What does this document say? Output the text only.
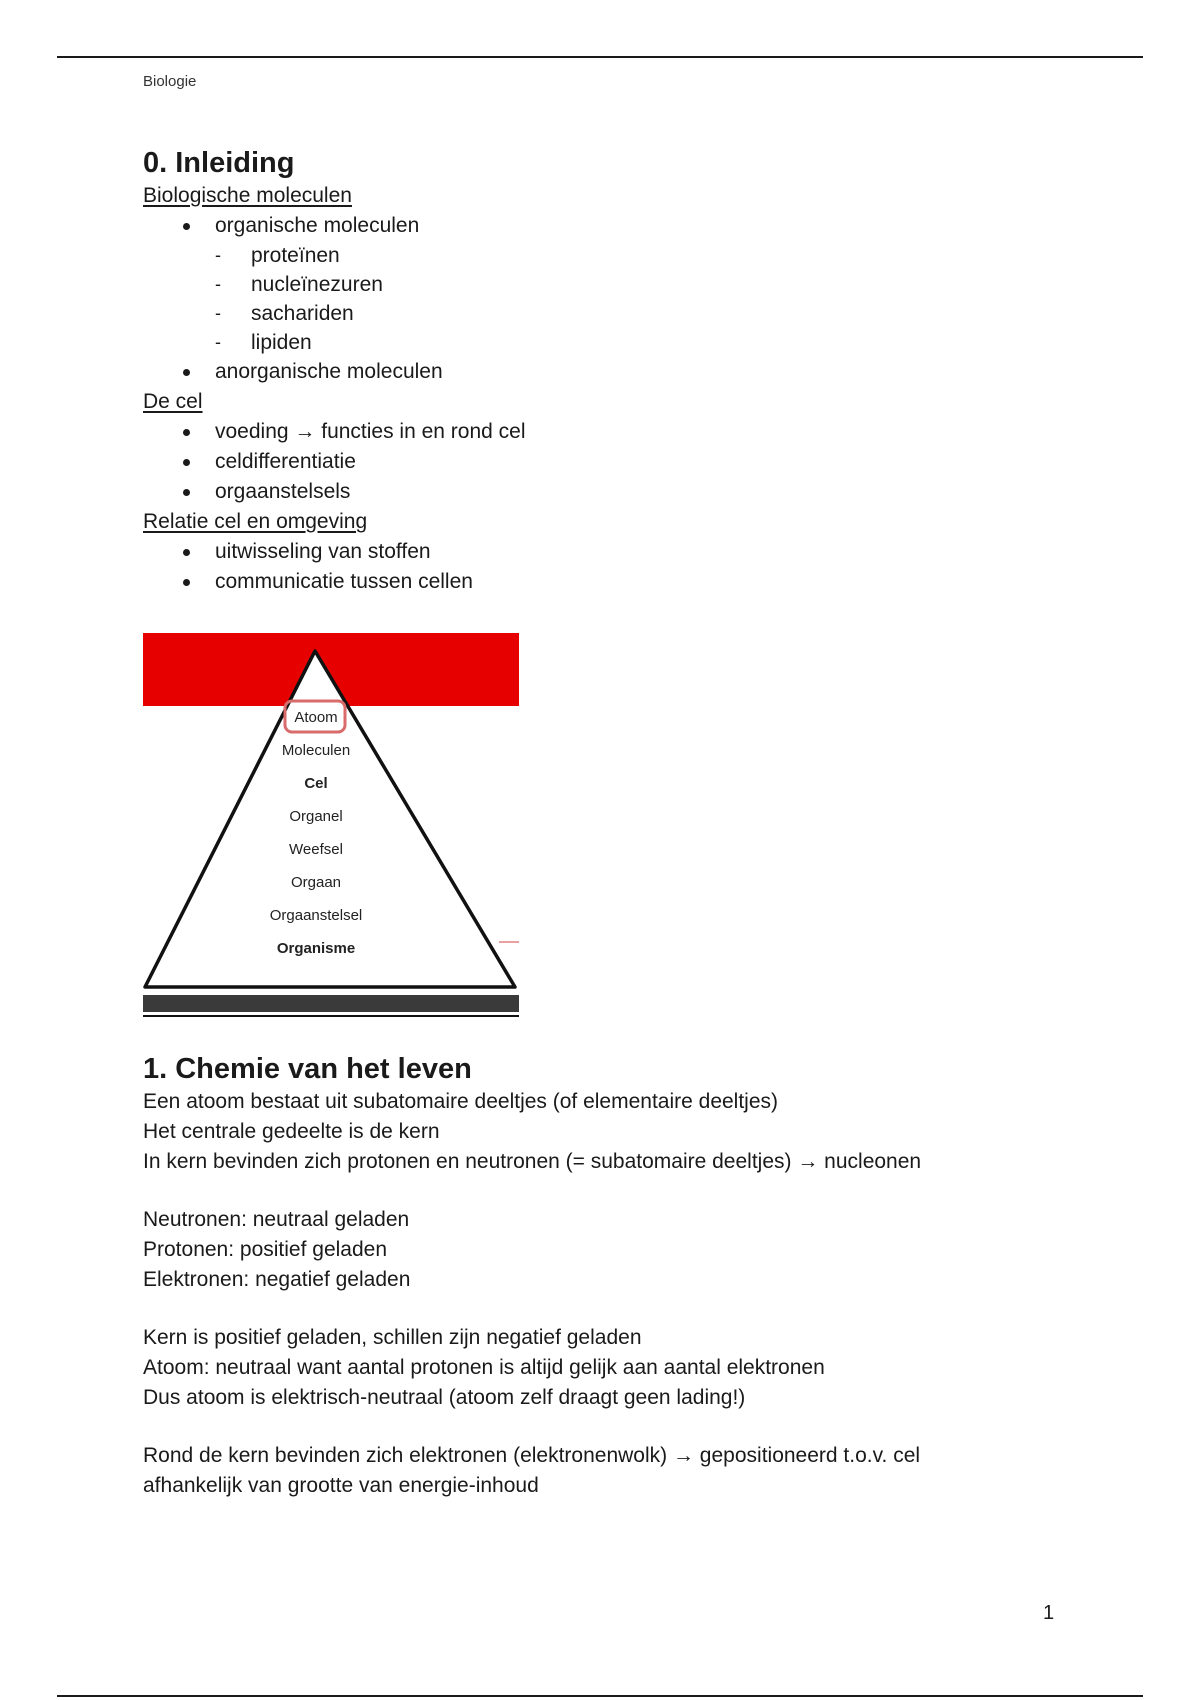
Biologie
0. Inleiding
Biologische moleculen
organische moleculen
- proteïnen
- nucleïnezuren
- sachariden
- lipiden
anorganische moleculen
De cel
voeding → functies in en rond cel
celdifferentiatie
orgaanstelsels
Relatie cel en omgeving
uitwisseling van stoffen
communicatie tussen cellen
Atoom
Moleculen
Cel
Organel
Weefsel
Orgaan
Orgaanstelsel
Organisme
1. Chemie van het leven
Een atoom bestaat uit subatomaire deeltjes (of elementaire deeltjes)
Het centrale gedeelte is de kern
In kern bevinden zich protonen en neutronen (= subatomaire deeltjes) → nucleonen
Neutronen: neutraal geladen
Protonen: positief geladen
Elektronen: negatief geladen
Kern is positief geladen, schillen zijn negatief geladen
Atoom: neutraal want aantal protonen is altijd gelijk aan aantal elektronen
Dus atoom is elektrisch-neutraal (atoom zelf draagt geen lading!)
Rond de kern bevinden zich elektronen (elektronenwolk) → gepositioneerd t.o.v. cel
afhankelijk van grootte van energie-inhoud
1
